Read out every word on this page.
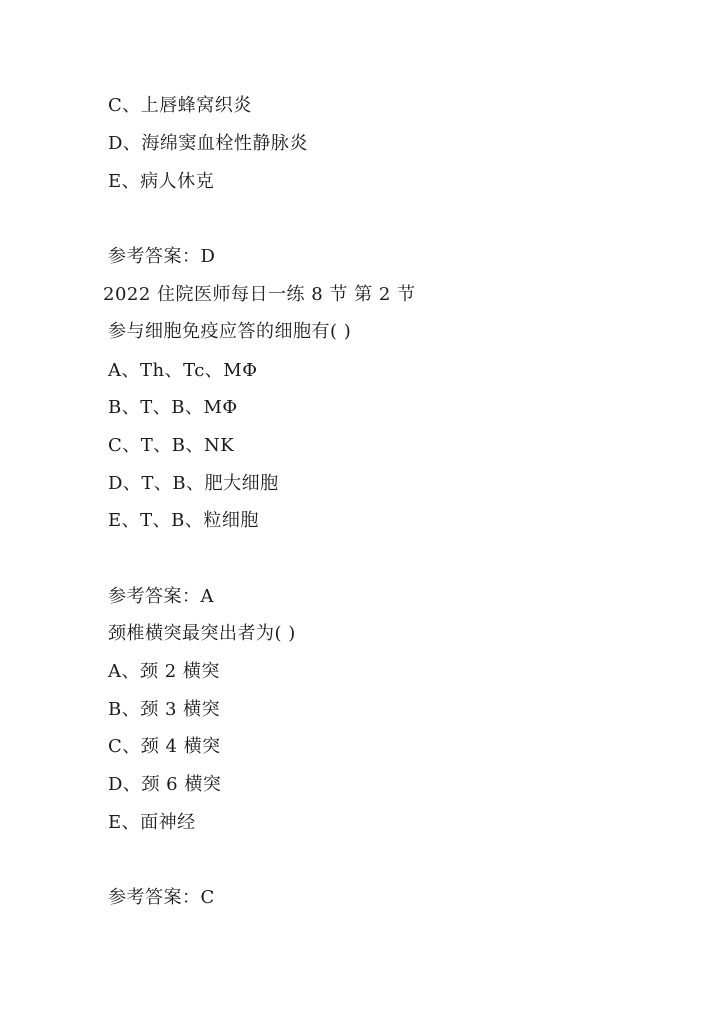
C、上唇蜂窝织炎
D、海绵窦血栓性静脉炎
E、病人休克
参考答案：D
2022 住院医师每日一练 8 节 第 2 节
参与细胞免疫应答的细胞有( )
A、Th、Tc、MΦ
B、T、B、MΦ
C、T、B、NK
D、T、B、肥大细胞
E、T、B、粒细胞
参考答案：A
颈椎横突最突出者为( )
A、颈 2 横突
B、颈 3 横突
C、颈 4 横突
D、颈 6 横突
E、面神经
参考答案：C
